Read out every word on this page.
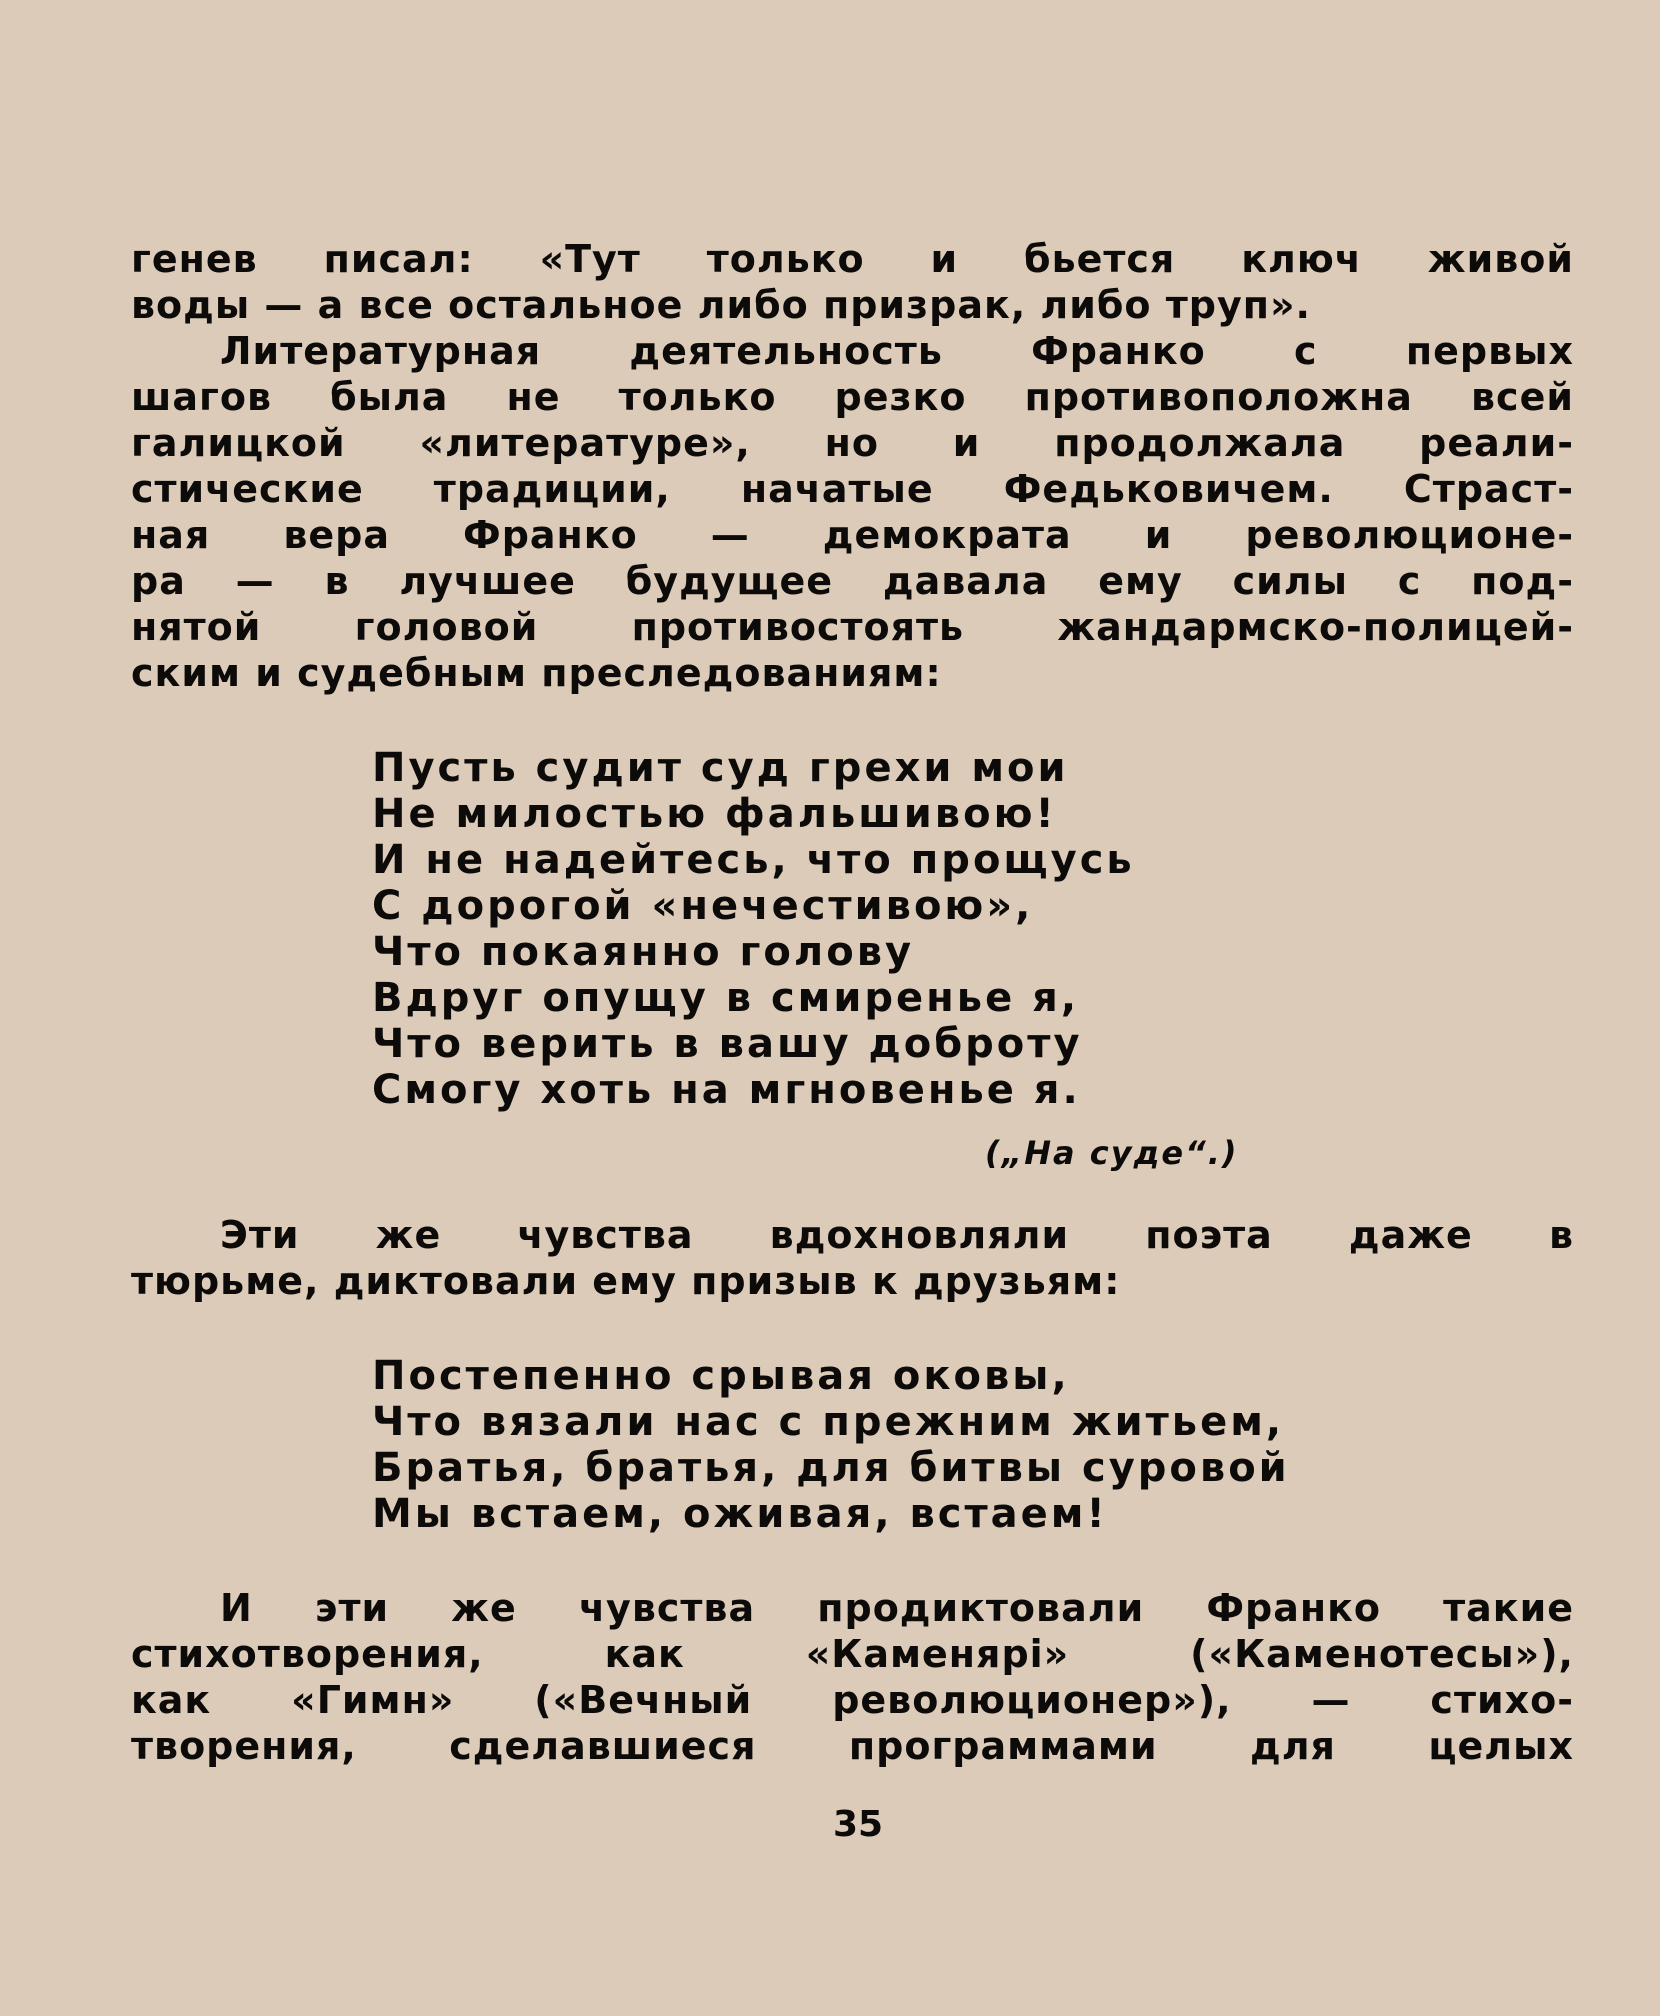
генев писал: «Тут только и бьется ключ живой
воды — а все остальное либо призрак, либо труп».
Литературная деятельность Франко с первых
шагов была не только резко противоположна всей
галицкой «литературе», но и продолжала реали-
стические традиции, начатые Федьковичем. Страст-
ная вера Франко — демократа и революционе-
ра — в лучшее будущее давала ему силы с под-
нятой головой противостоять жандармско-полицей-
ским и судебным преследованиям:
Пусть судит суд грехи мои
Не милостью фальшивою!
И не надейтесь, что прощусь
С дорогой «нечестивою»,
Что покаянно голову
Вдруг опущу в смиренье я,
Что верить в вашу доброту
Смогу хоть на мгновенье я.
(„На суде“.)
Эти же чувства вдохновляли поэта даже в
тюрьме, диктовали ему призыв к друзьям:
Постепенно срывая оковы,
Что вязали нас с прежним житьем,
Братья, братья, для битвы суровой
Мы встаем, оживая, встаем!
И эти же чувства продиктовали Франко такие
стихотворения, как «Каменярі» («Каменотесы»),
как «Гимн» («Вечный революционер»), — стихо-
творения, сделавшиеся программами для целых
35
